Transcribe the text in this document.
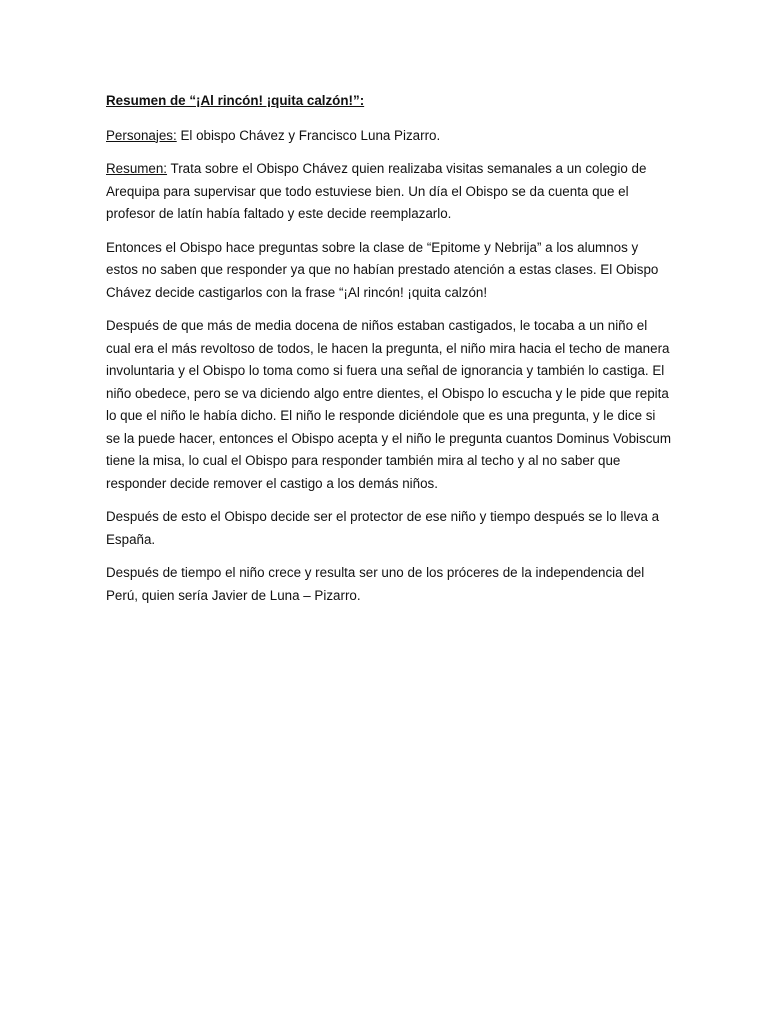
Resumen de “¡Al rincón! ¡quita calzón!”:

Personajes: El obispo Chávez y Francisco Luna Pizarro.

Resumen: Trata sobre el Obispo Chávez quien realizaba visitas semanales a un colegio de Arequipa para supervisar que todo estuviese bien. Un día el Obispo se da cuenta que el profesor de latín había faltado y este decide reemplazarlo.

Entonces el Obispo hace preguntas sobre la clase de “Epitome y Nebrija” a los alumnos y estos no saben que responder ya que no habían prestado atención a estas clases. El Obispo Chávez decide castigarlos con la frase “¡Al rincón! ¡quita calzón!

Después de que más de media docena de niños estaban castigados, le tocaba a un niño el cual era el más revoltoso de todos, le hacen la pregunta, el niño mira hacia el techo de manera involuntaria y el Obispo lo toma como si fuera una señal de ignorancia y también lo castiga. El niño obedece, pero se va diciendo algo entre dientes, el Obispo lo escucha y le pide que repita lo que el niño le había dicho. El niño le responde diciéndole que es una pregunta, y le dice si se la puede hacer, entonces el Obispo acepta y el niño le pregunta cuantos Dominus Vobiscum tiene la misa, lo cual el Obispo para responder también mira al techo y al no saber que responder decide remover el castigo a los demás niños.

Después de esto el Obispo decide ser el protector de ese niño y tiempo después se lo lleva a España.

Después de tiempo el niño crece y resulta ser uno de los próceres de la independencia del Perú, quien sería Javier de Luna – Pizarro.
